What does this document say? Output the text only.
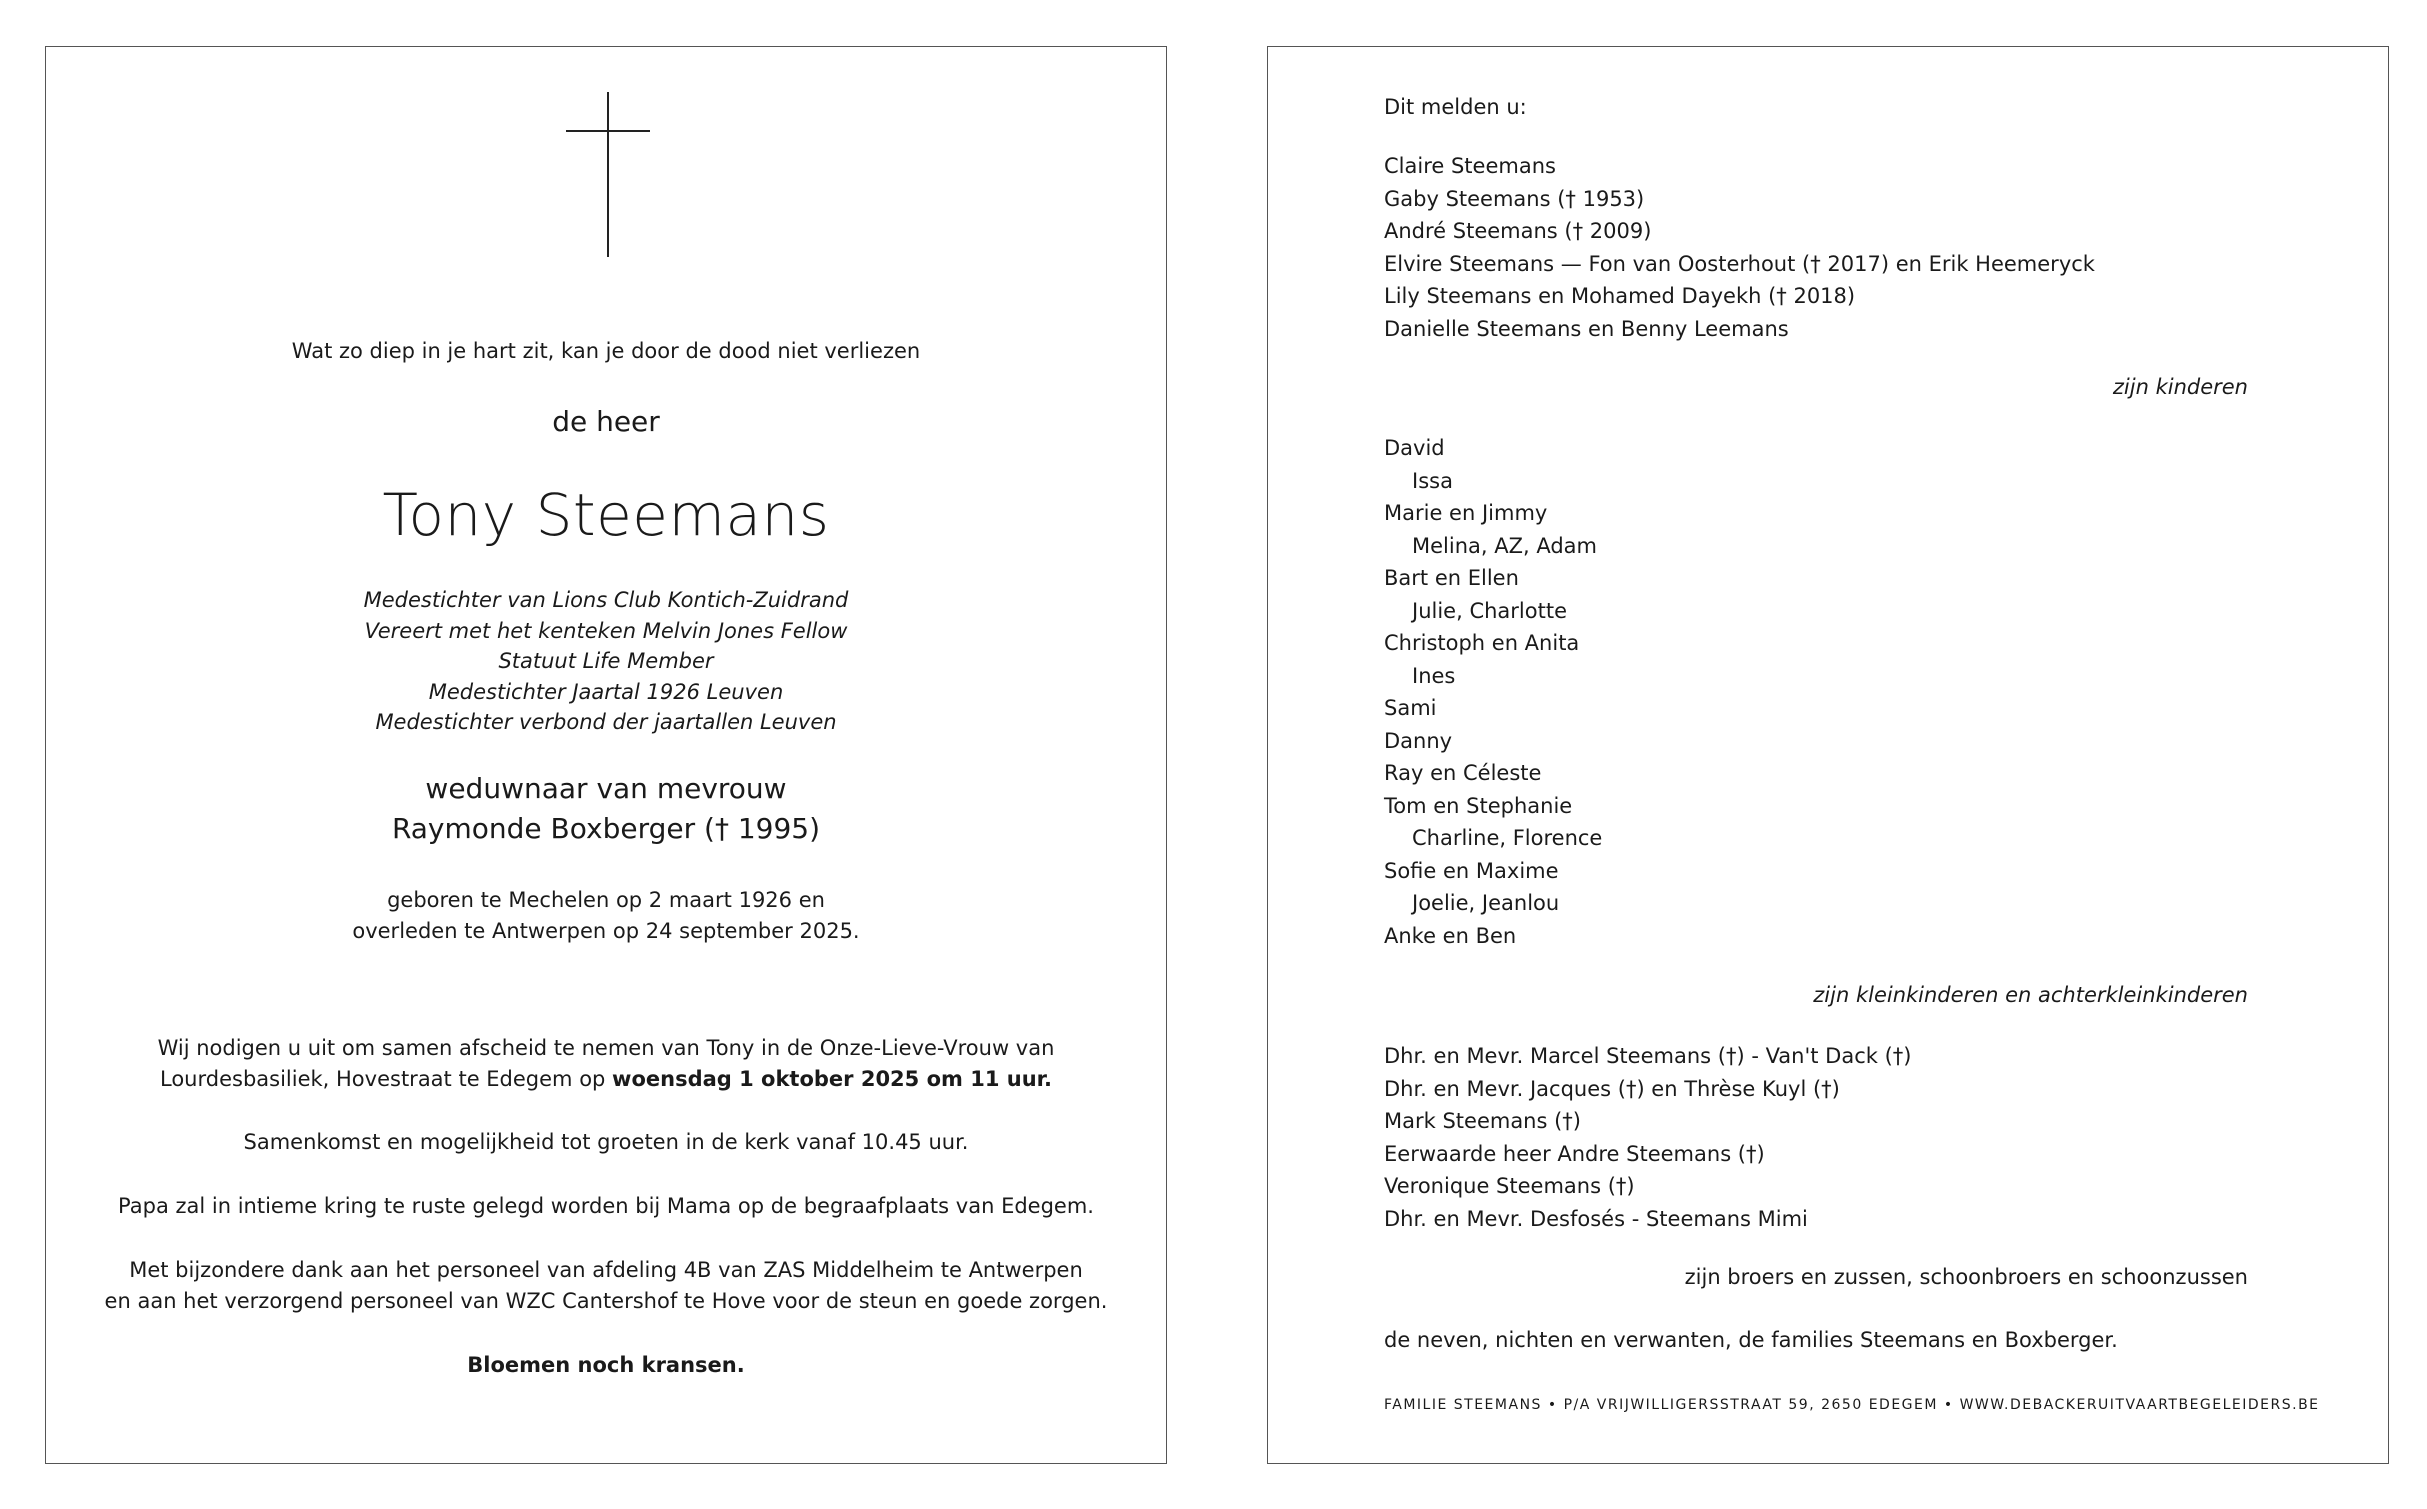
Wat zo diep in je hart zit, kan je door de dood niet verliezen
de heer
Tony Steemans
Medestichter van Lions Club Kontich-Zuidrand
Vereert met het kenteken Melvin Jones Fellow
Statuut Life Member
Medestichter Jaartal 1926 Leuven
Medestichter verbond der jaartallen Leuven
weduwnaar van mevrouw
Raymonde Boxberger († 1995)
geboren te Mechelen op 2 maart 1926 en
overleden te Antwerpen op 24 september 2025.
Wij nodigen u uit om samen afscheid te nemen van Tony in de Onze-Lieve-Vrouw van
Lourdesbasiliek, Hovestraat te Edegem op woensdag 1 oktober 2025 om 11 uur.
Samenkomst en mogelijkheid tot groeten in de kerk vanaf 10.45 uur.
Papa zal in intieme kring te ruste gelegd worden bij Mama op de begraafplaats van Edegem.
Met bijzondere dank aan het personeel van afdeling 4B van ZAS Middelheim te Antwerpen
en aan het verzorgend personeel van WZC Cantershof te Hove voor de steun en goede zorgen.
Bloemen noch kransen.
Dit melden u:
Claire Steemans
Gaby Steemans († 1953)
André Steemans († 2009)
Elvire Steemans — Fon van Oosterhout († 2017) en Erik Heemeryck
Lily Steemans en Mohamed Dayekh († 2018)
Danielle Steemans en Benny Leemans
zijn kinderen
David
Issa
Marie en Jimmy
Melina, AZ, Adam
Bart en Ellen
Julie, Charlotte
Christoph en Anita
Ines
Sami
Danny
Ray en Céleste
Tom en Stephanie
Charline, Florence
Sofie en Maxime
Joelie, Jeanlou
Anke en Ben
zijn kleinkinderen en achterkleinkinderen
Dhr. en Mevr. Marcel Steemans (†) - Van't Dack (†)
Dhr. en Mevr. Jacques (†) en Thrèse Kuyl (†)
Mark Steemans (†)
Eerwaarde heer Andre Steemans (†)
Veronique Steemans (†)
Dhr. en Mevr. Desfosés - Steemans Mimi
zijn broers en zussen, schoonbroers en schoonzussen
de neven, nichten en verwanten, de families Steemans en Boxberger.
FAMILIE STEEMANS • P/A VRIJWILLIGERSSTRAAT 59, 2650 EDEGEM • WWW.DEBACKERUITVAARTBEGELEIDERS.BE
